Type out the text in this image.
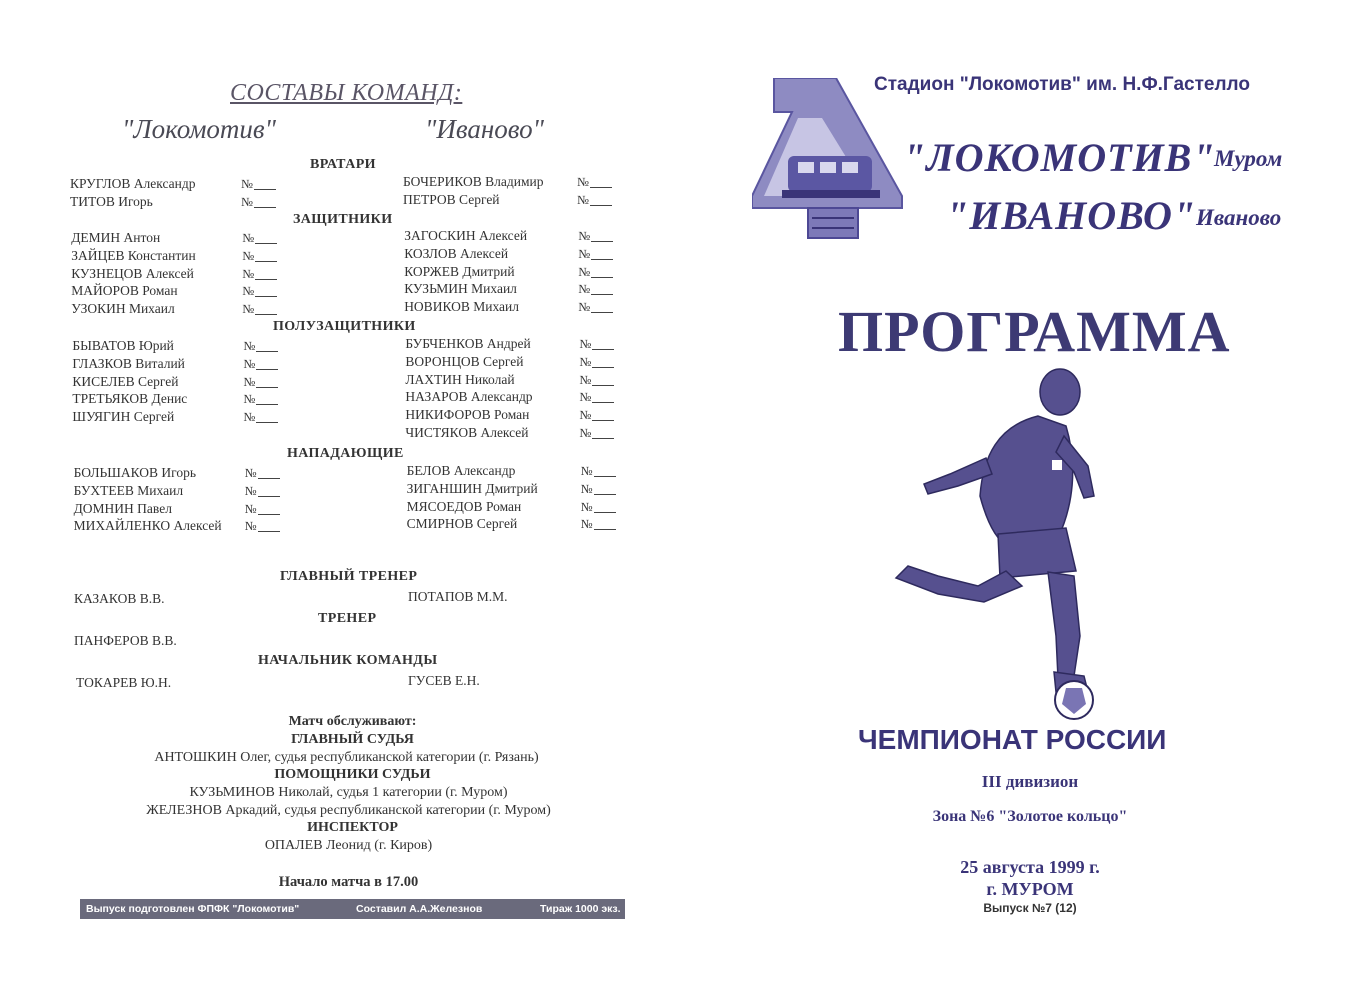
СОСТАВЫ КОМАНД:
"Локомотив"	"Иваново"
ВРАТАРИ
КРУГЛОВ Александр	№
ТИТОВ Игорь	№
БОЧЕРИКОВ Владимир	№
ПЕТРОВ Сергей	№
ЗАЩИТНИКИ
ДЕМИН Антон	№
ЗАЙЦЕВ Константин	№
КУЗНЕЦОВ Алексей	№
МАЙОРОВ Роман	№
УЗОКИН Михаил	№
ЗАГОСКИН Алексей	№
КОЗЛОВ Алексей	№
КОРЖЕВ Дмитрий	№
КУЗЬМИН Михаил	№
НОВИКОВ Михаил	№
ПОЛУЗАЩИТНИКИ
БЫВАТОВ Юрий	№
ГЛАЗКОВ Виталий	№
КИСЕЛЕВ Сергей	№
ТРЕТЬЯКОВ Денис	№
ШУЯГИН Сергей	№
БУБЧЕНКОВ Андрей	№
ВОРОНЦОВ Сергей	№
ЛАХТИН Николай	№
НАЗАРОВ Александр	№
НИКИФОРОВ Роман	№
ЧИСТЯКОВ Алексей	№
НАПАДАЮЩИЕ
БОЛЬШАКОВ Игорь	№
БУХТЕЕВ Михаил	№
ДОМНИН Павел	№
МИХАЙЛЕНКО Алексей №
БЕЛОВ Александр	№
ЗИГАНШИН Дмитрий	№
МЯСОЕДОВ Роман	№
СМИРНОВ Сергей	№
ГЛАВНЫЙ ТРЕНЕР
КАЗАКОВ В.В.	ПОТАПОВ М.М.
ТРЕНЕР
ПАНФЕРОВ В.В.
НАЧАЛЬНИК КОМАНДЫ
ТОКАРЕВ Ю.Н.	ГУСЕВ Е.Н.
Матч обслуживают:
ГЛАВНЫЙ СУДЬЯ
АНТОШКИН Олег, судья республиканской категории (г. Рязань)
ПОМОЩНИКИ СУДЬИ
КУЗЬМИНОВ Николай, судья 1 категории (г. Муром)
ЖЕЛЕЗНОВ Аркадий, судья республиканской категории (г. Муром)
ИНСПЕКТОР
ОПАЛЕВ Леонид (г. Киров)
Начало матча в 17.00
Выпуск подготовлен ФПФК "Локомотив"	Составил А.А.Железнов	Тираж 1000 экз.
Стадион "Локомотив" им. Н.Ф.Гастелло
"ЛОКОМОТИВ"
Муром
"ИВАНОВО" Иваново
ПРОГРАММА
ЧЕМПИОНАТ РОССИИ
III дивизион
Зона №6 "Золотое кольцо"
25 августа 1999 г.
г. МУРОМ
Выпуск №7 (12)
